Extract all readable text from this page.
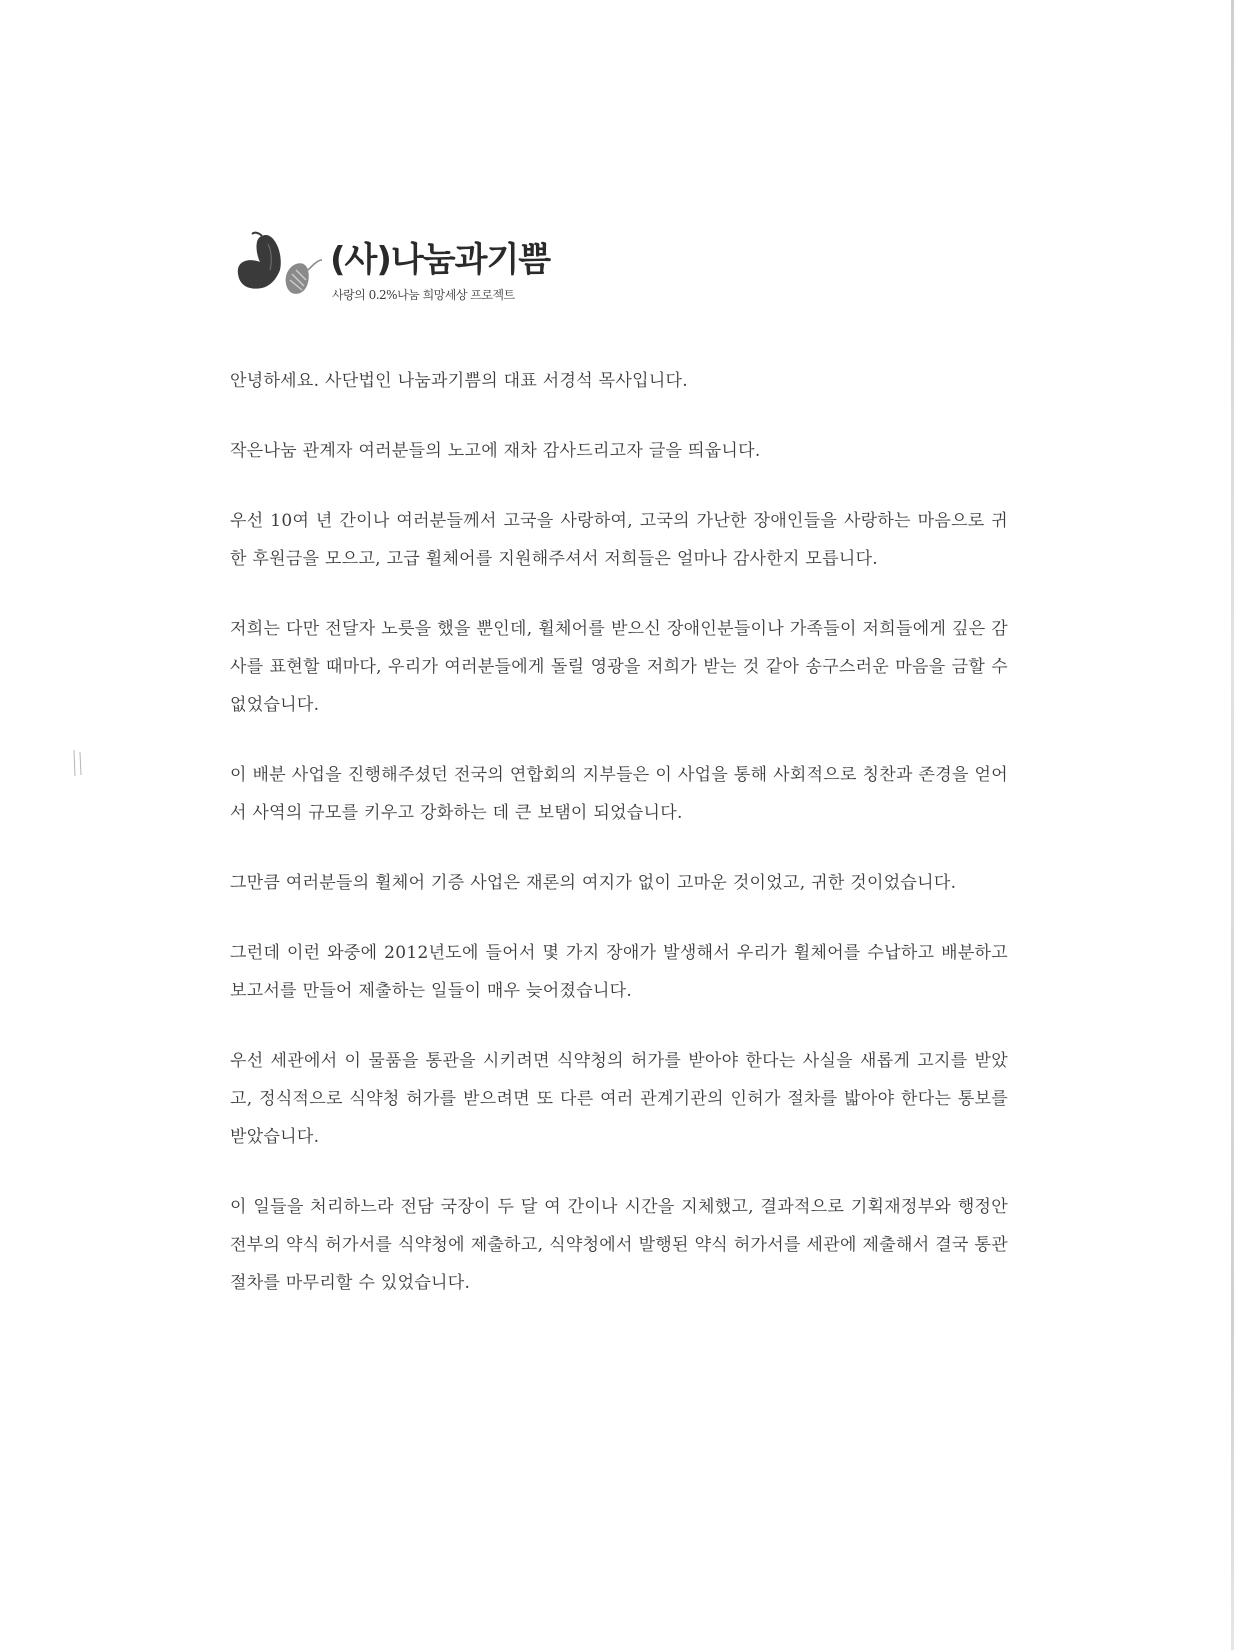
(사)나눔과기쁨
사랑의 0.2%나눔 희망세상 프로젝트

안녕하세요. 사단법인 나눔과기쁨의 대표 서경석 목사입니다.

작은나눔 관계자 여러분들의 노고에 재차 감사드리고자 글을 띄웁니다.

우선 10여 년 간이나 여러분들께서 고국을 사랑하여, 고국의 가난한 장애인들을 사랑하는 마음으로 귀한 후원금을 모으고, 고급 휠체어를 지원해주셔서 저희들은 얼마나 감사한지 모릅니다.

저희는 다만 전달자 노릇을 했을 뿐인데, 휠체어를 받으신 장애인분들이나 가족들이 저희들에게 깊은 감사를 표현할 때마다, 우리가 여러분들에게 돌릴 영광을 저희가 받는 것 같아 송구스러운 마음을 금할 수 없었습니다.

이 배분 사업을 진행해주셨던 전국의 연합회의 지부들은 이 사업을 통해 사회적으로 칭찬과 존경을 얻어서 사역의 규모를 키우고 강화하는 데 큰 보탬이 되었습니다.

그만큼 여러분들의 휠체어 기증 사업은 재론의 여지가 없이 고마운 것이었고, 귀한 것이었습니다.

그런데 이런 와중에 2012년도에 들어서 몇 가지 장애가 발생해서 우리가 휠체어를 수납하고 배분하고 보고서를 만들어 제출하는 일들이 매우 늦어졌습니다.

우선 세관에서 이 물품을 통관을 시키려면 식약청의 허가를 받아야 한다는 사실을 새롭게 고지를 받았고, 정식적으로 식약청 허가를 받으려면 또 다른 여러 관계기관의 인허가 절차를 밟아야 한다는 통보를 받았습니다.

이 일들을 처리하느라 전담 국장이 두 달 여 간이나 시간을 지체했고, 결과적으로 기획재정부와 행정안전부의 약식 허가서를 식약청에 제출하고, 식약청에서 발행된 약식 허가서를 세관에 제출해서 결국 통관 절차를 마무리할 수 있었습니다.
